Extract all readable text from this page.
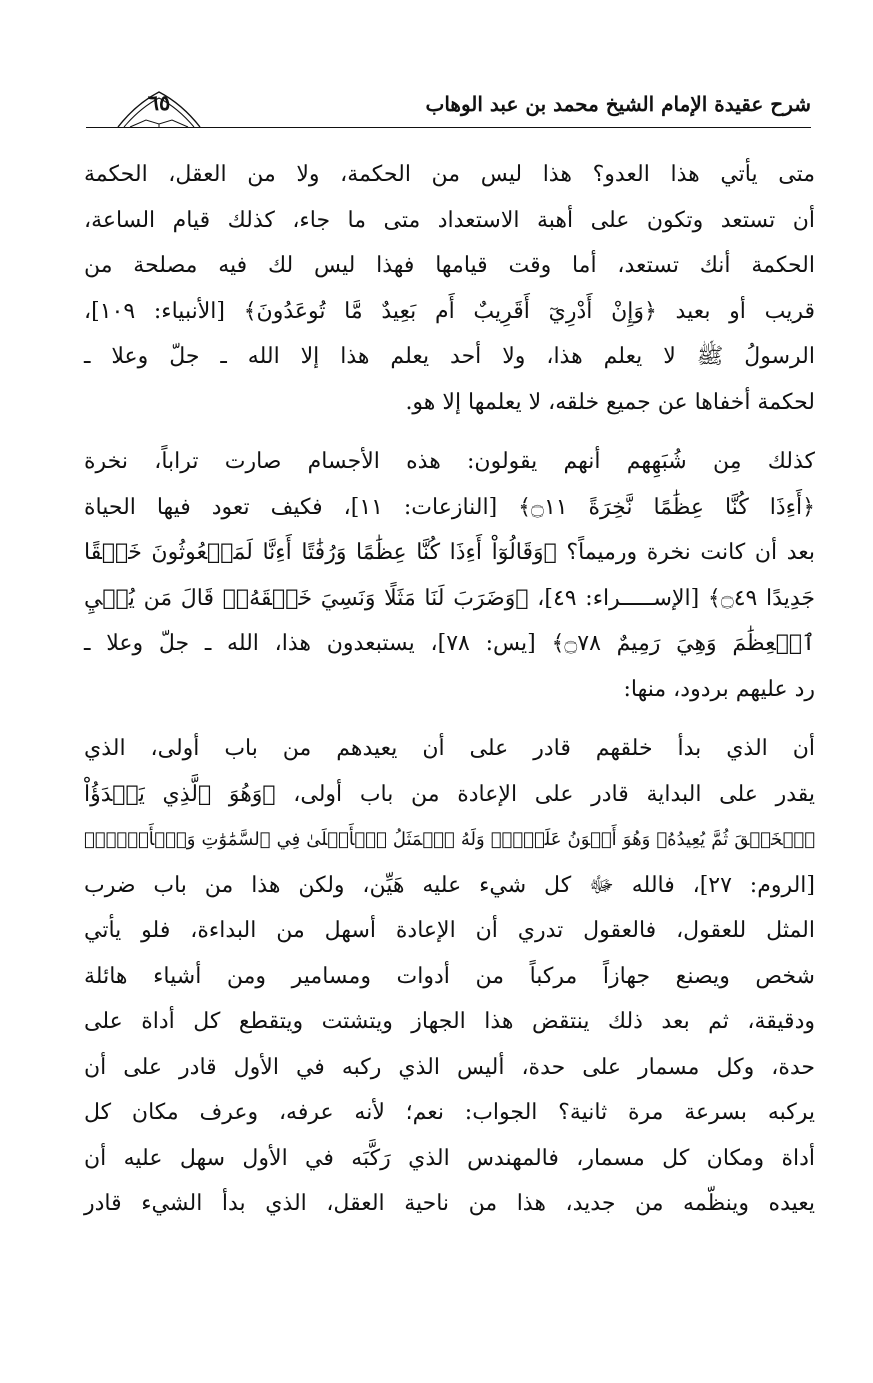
شرح عقيدة الإمام الشيخ محمد بن عبد الوهاب
٦٥
متى يأتي هذا العدو؟ هذا ليس من الحكمة، ولا من العقل، الحكمة
أن تستعد وتكون على أهبة الاستعداد متى ما جاء، كذلك قيام الساعة،
الحكمة أنك تستعد، أما وقت قيامها فهذا ليس لك فيه مصلحة من
قريب أو بعيد ﴿وَإِنْ أَدْرِيٓ أَقَرِيبٌ أَم بَعِيدٌ مَّا تُوعَدُونَ﴾ [الأنبياء: ١٠٩]،
الرسولُ ﷺ لا يعلم هذا، ولا أحد يعلم هذا إلا الله ـ جلّ وعلا ـ
لحكمة أخفاها عن جميع خلقه، لا يعلمها إلا هو.
كذلك مِن شُبَهِهم أنهم يقولون: هذه الأجسام صارت تراباً، نخرة
﴿أَءِذَا كُنَّا عِظَٰمًا نَّخِرَةً ۝١١﴾ [النازعات: ١١]، فكيف تعود فيها الحياة
بعد أن كانت نخرة ورميماً؟ ﴿وَقَالُوٓاْ أَءِذَا كُنَّا عِظَٰمًا وَرُفَٰتًا أَءِنَّا لَمَبۡعُوثُونَ خَلۡقًا
جَدِيدًا ۝٤٩﴾ [الإســـــراء: ٤٩]، ﴿وَضَرَبَ لَنَا مَثَلًا وَنَسِيَ خَلۡقَهُۥۖ قَالَ مَن يُحۡيِ
ٱلۡعِظَٰمَ وَهِيَ رَمِيمٌ ۝٧٨﴾ [يس: ٧٨]، يستبعدون هذا، الله ـ جلّ وعلا ـ
رد عليهم بردود، منها:
أن الذي بدأ خلقهم قادر على أن يعيدهم من باب أولى، الذي
يقدر على البداية قادر على الإعادة من باب أولى، ﴿وَهُوَ ٱلَّذِي يَبۡدَؤُاْ
ٱلۡخَلۡقَ ثُمَّ يُعِيدُهُۥ وَهُوَ أَهۡوَنُ عَلَيۡهِۚ وَلَهُ ٱلۡمَثَلُ ٱلۡأَعۡلَىٰ فِي ٱلسَّمَٰوَٰتِ وَٱلۡأَرۡضِۚ﴾
[الروم: ٢٧]، فالله ﷻ كل شيء عليه هَيِّن، ولكن هذا من باب ضرب
المثل للعقول، فالعقول تدري أن الإعادة أسهل من البداءة، فلو يأتي
شخص ويصنع جهازاً مركباً من أدوات ومسامير ومن أشياء هائلة
ودقيقة، ثم بعد ذلك ينتقض هذا الجهاز ويتشتت ويتقطع كل أداة على
حدة، وكل مسمار على حدة، أليس الذي ركبه في الأول قادر على أن
يركبه بسرعة مرة ثانية؟ الجواب: نعم؛ لأنه عرفه، وعرف مكان كل
أداة ومكان كل مسمار، فالمهندس الذي رَكَّبَه في الأول سهل عليه أن
يعيده وينظّمه من جديد، هذا من ناحية العقل، الذي بدأ الشيء قادر
